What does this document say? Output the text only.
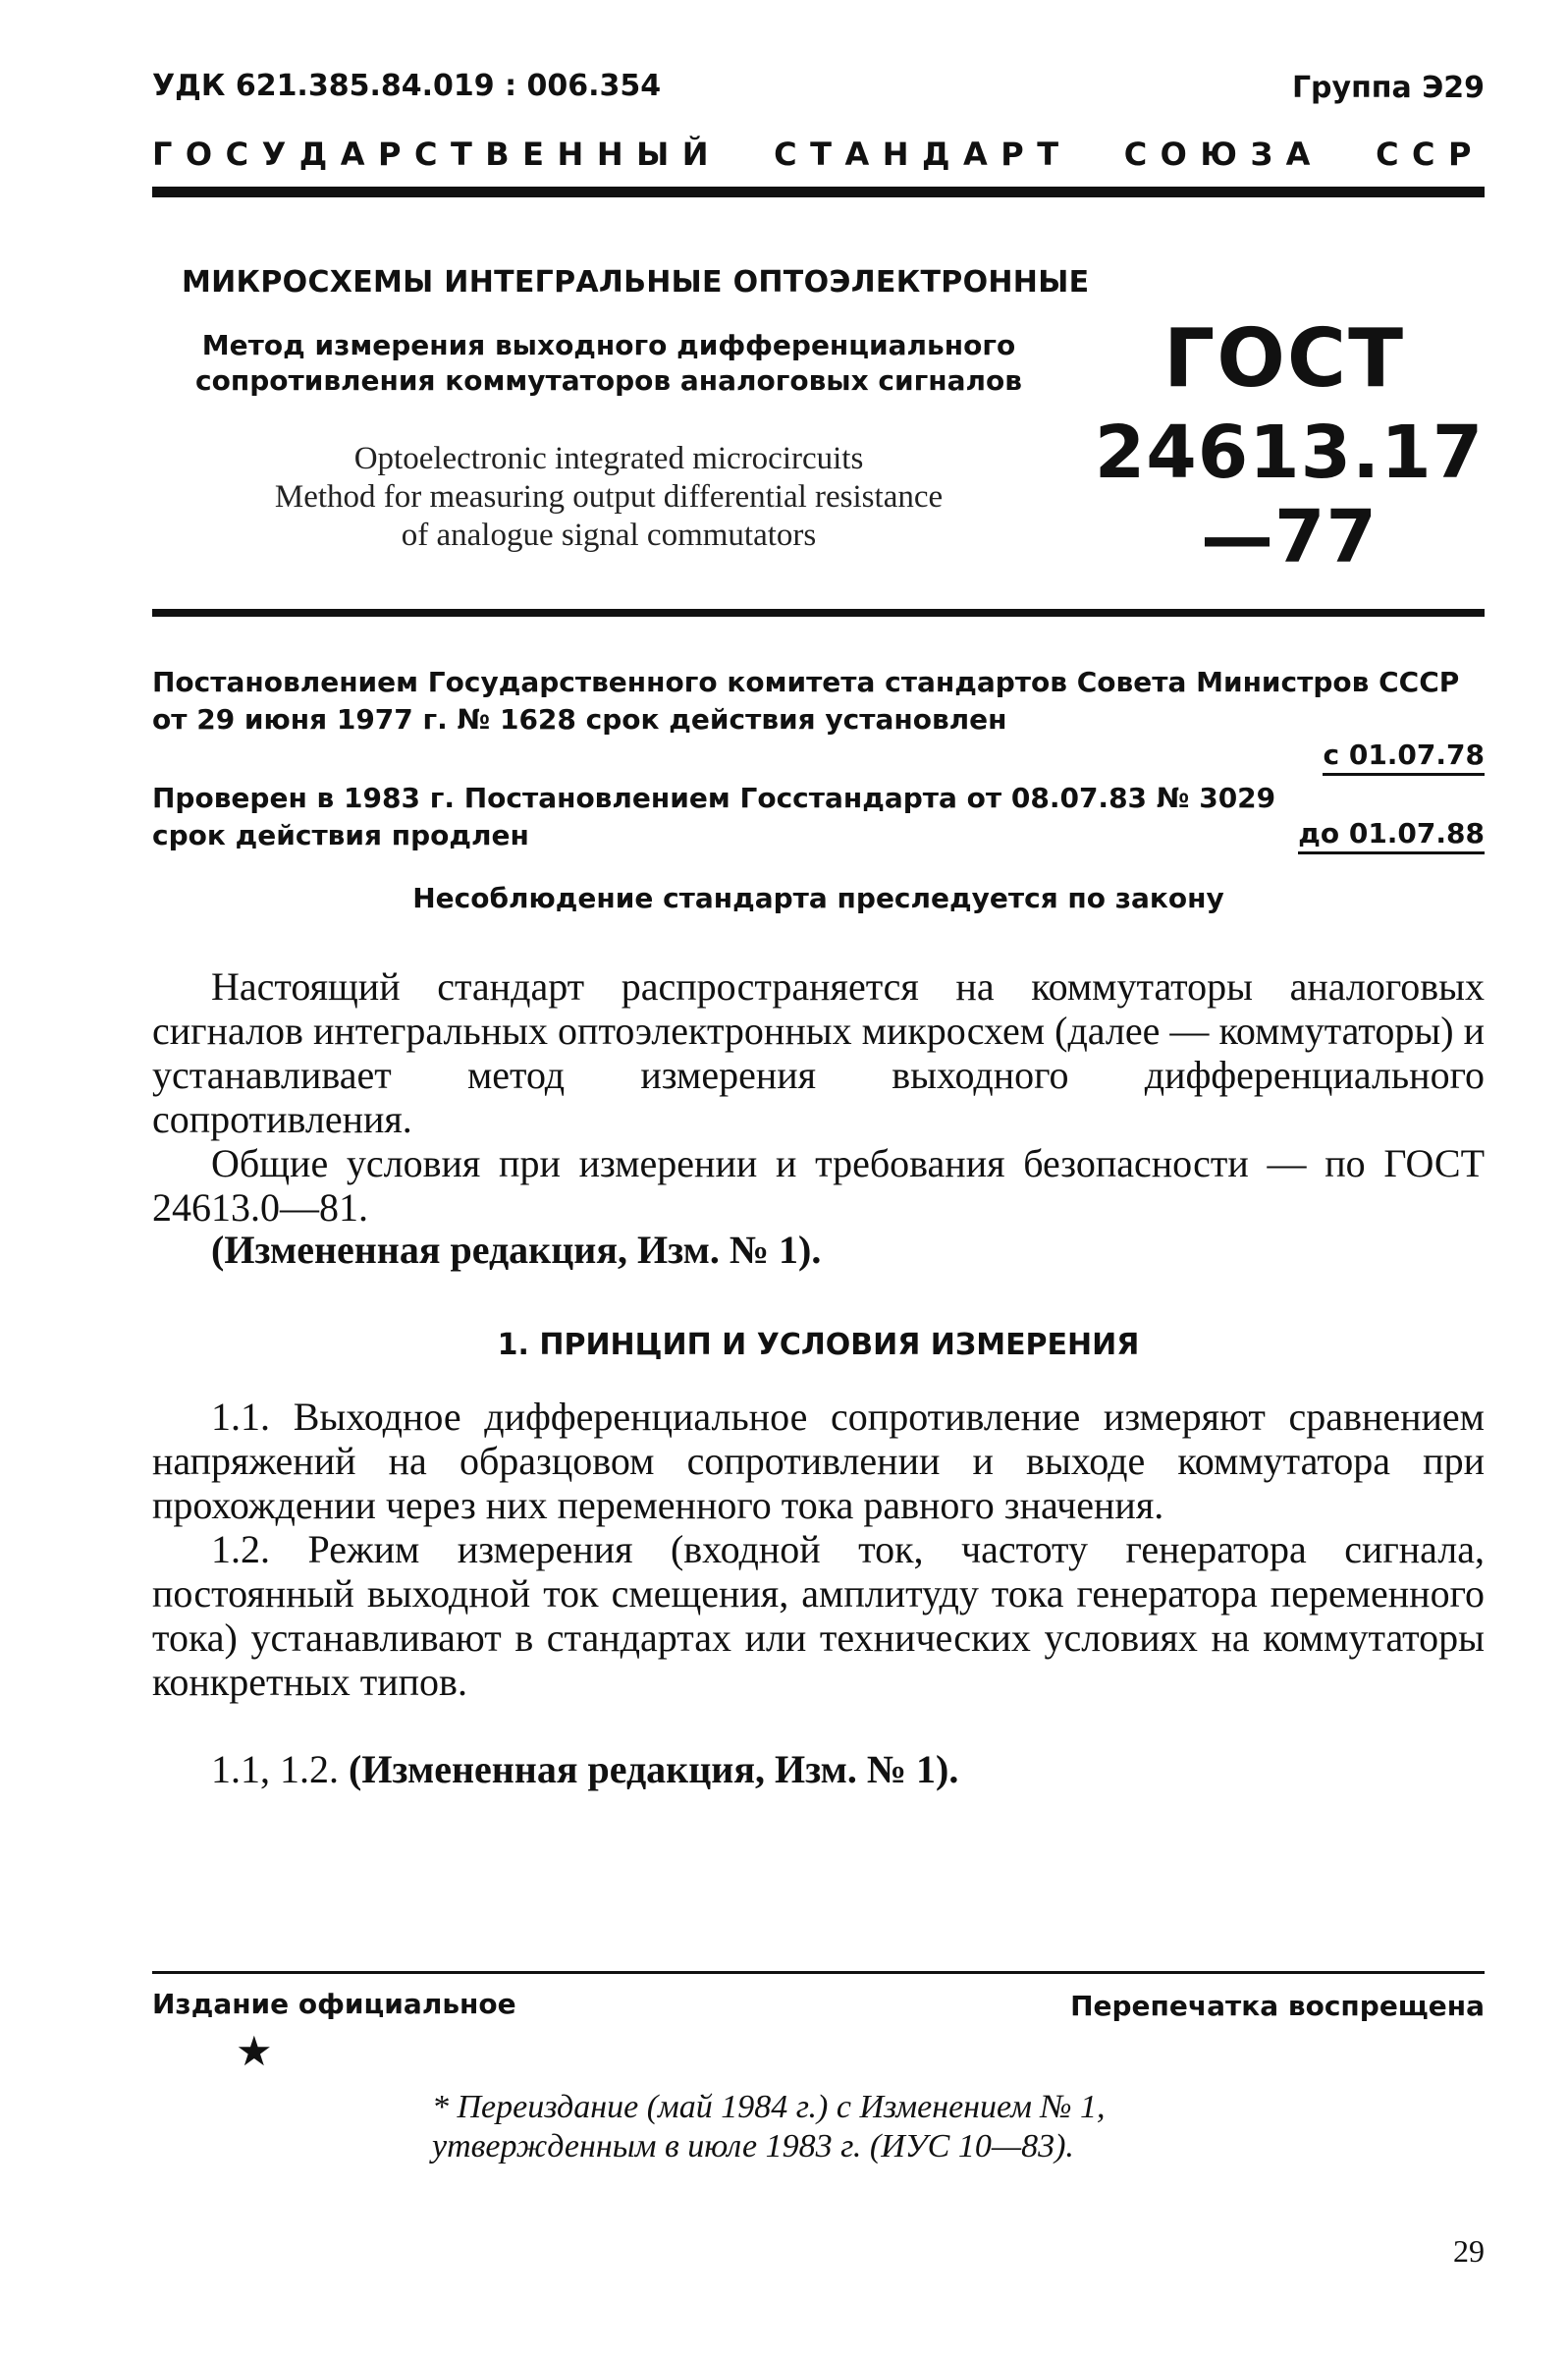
УДК 621.385.84.019 : 006.354	Группа Э29
ГОСУДАРСТВЕННЫЙ СТАНДАРТ СОЮЗА ССР
МИКРОСХЕМЫ ИНТЕГРАЛЬНЫЕ ОПТОЭЛЕКТРОННЫЕ
Метод измерения выходного дифференциального
сопротивления коммутаторов аналоговых сигналов
Optoelectronic integrated microcircuits
Method for measuring output differential resistance
of analogue signal commutators
ГОСТ
24613.17—77
Постановлением Государственного комитета стандартов Совета Министров СССР от 29 июня 1977 г. № 1628 срок действия установлен
с 01.07.78
Проверен в 1983 г. Постановлением Госстандарта от 08.07.83 № 3029
срок действия продлен	до 01.07.88
Несоблюдение стандарта преследуется по закону

Настоящий стандарт распространяется на коммутаторы аналоговых сигналов интегральных оптоэлектронных микросхем (далее — коммутаторы) и устанавливает метод измерения выходного дифференциального сопротивления.

Общие условия при измерении и требования безопасности — по ГОСТ 24613.0—81.

(Измененная редакция, Изм. № 1).
1. ПРИНЦИП И УСЛОВИЯ ИЗМЕРЕНИЯ

1.1. Выходное дифференциальное сопротивление измеряют сравнением напряжений на образцовом сопротивлении и выходе коммутатора при прохождении через них переменного тока равного значения.

1.2. Режим измерения (входной ток, частоту генератора сигнала, постоянный выходной ток смещения, амплитуду тока генератора переменного тока) устанавливают в стандартах или технических условиях на коммутаторы конкретных типов.

1.1, 1.2. (Измененная редакция, Изм. № 1).
Издание официальное	Перепечатка воспрещена
★
* Переиздание (май 1984 г.) с Изменением № 1,
утвержденным в июле 1983 г. (ИУС 10—83).
29
